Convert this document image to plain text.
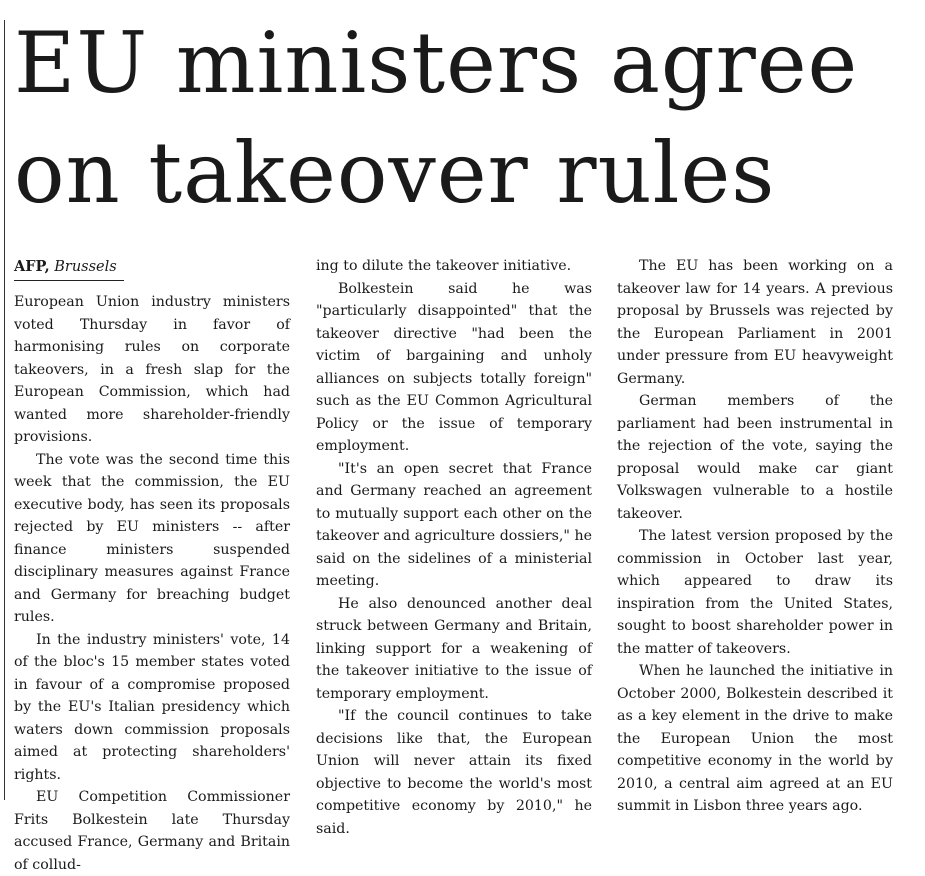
EU ministers agree on takeover rules
AFP, Brussels

European Union industry ministers voted Thursday in favor of harmonising rules on corporate takeovers, in a fresh slap for the European Commission, which had wanted more shareholder-friendly provisions.

The vote was the second time this week that the commission, the EU executive body, has seen its proposals rejected by EU ministers -- after finance ministers suspended disciplinary measures against France and Germany for breaching budget rules.

In the industry ministers' vote, 14 of the bloc's 15 member states voted in favour of a compromise proposed by the EU's Italian presidency which waters down commission proposals aimed at protecting shareholders' rights.

EU Competition Commissioner Frits Bolkestein late Thursday accused France, Germany and Britain of collud-

ing to dilute the takeover initiative.

Bolkestein said he was "particularly disappointed" that the takeover directive "had been the victim of bargaining and unholy alliances on subjects totally foreign" such as the EU Common Agricultural Policy or the issue of temporary employment.

"It's an open secret that France and Germany reached an agreement to mutually support each other on the takeover and agriculture dossiers," he said on the sidelines of a ministerial meeting.

He also denounced another deal struck between Germany and Britain, linking support for a weakening of the takeover initiative to the issue of temporary employment.

"If the council continues to take decisions like that, the European Union will never attain its fixed objective to become the world's most competitive economy by 2010," he said.

The EU has been working on a takeover law for 14 years. A previous proposal by Brussels was rejected by the European Parliament in 2001 under pressure from EU heavyweight Germany.

German members of the parliament had been instrumental in the rejection of the vote, saying the proposal would make car giant Volkswagen vulnerable to a hostile takeover.

The latest version proposed by the commission in October last year, which appeared to draw its inspiration from the United States, sought to boost shareholder power in the matter of takeovers.

When he launched the initiative in October 2000, Bolkestein described it as a key element in the drive to make the European Union the most competitive economy in the world by 2010, a central aim agreed at an EU summit in Lisbon three years ago.
